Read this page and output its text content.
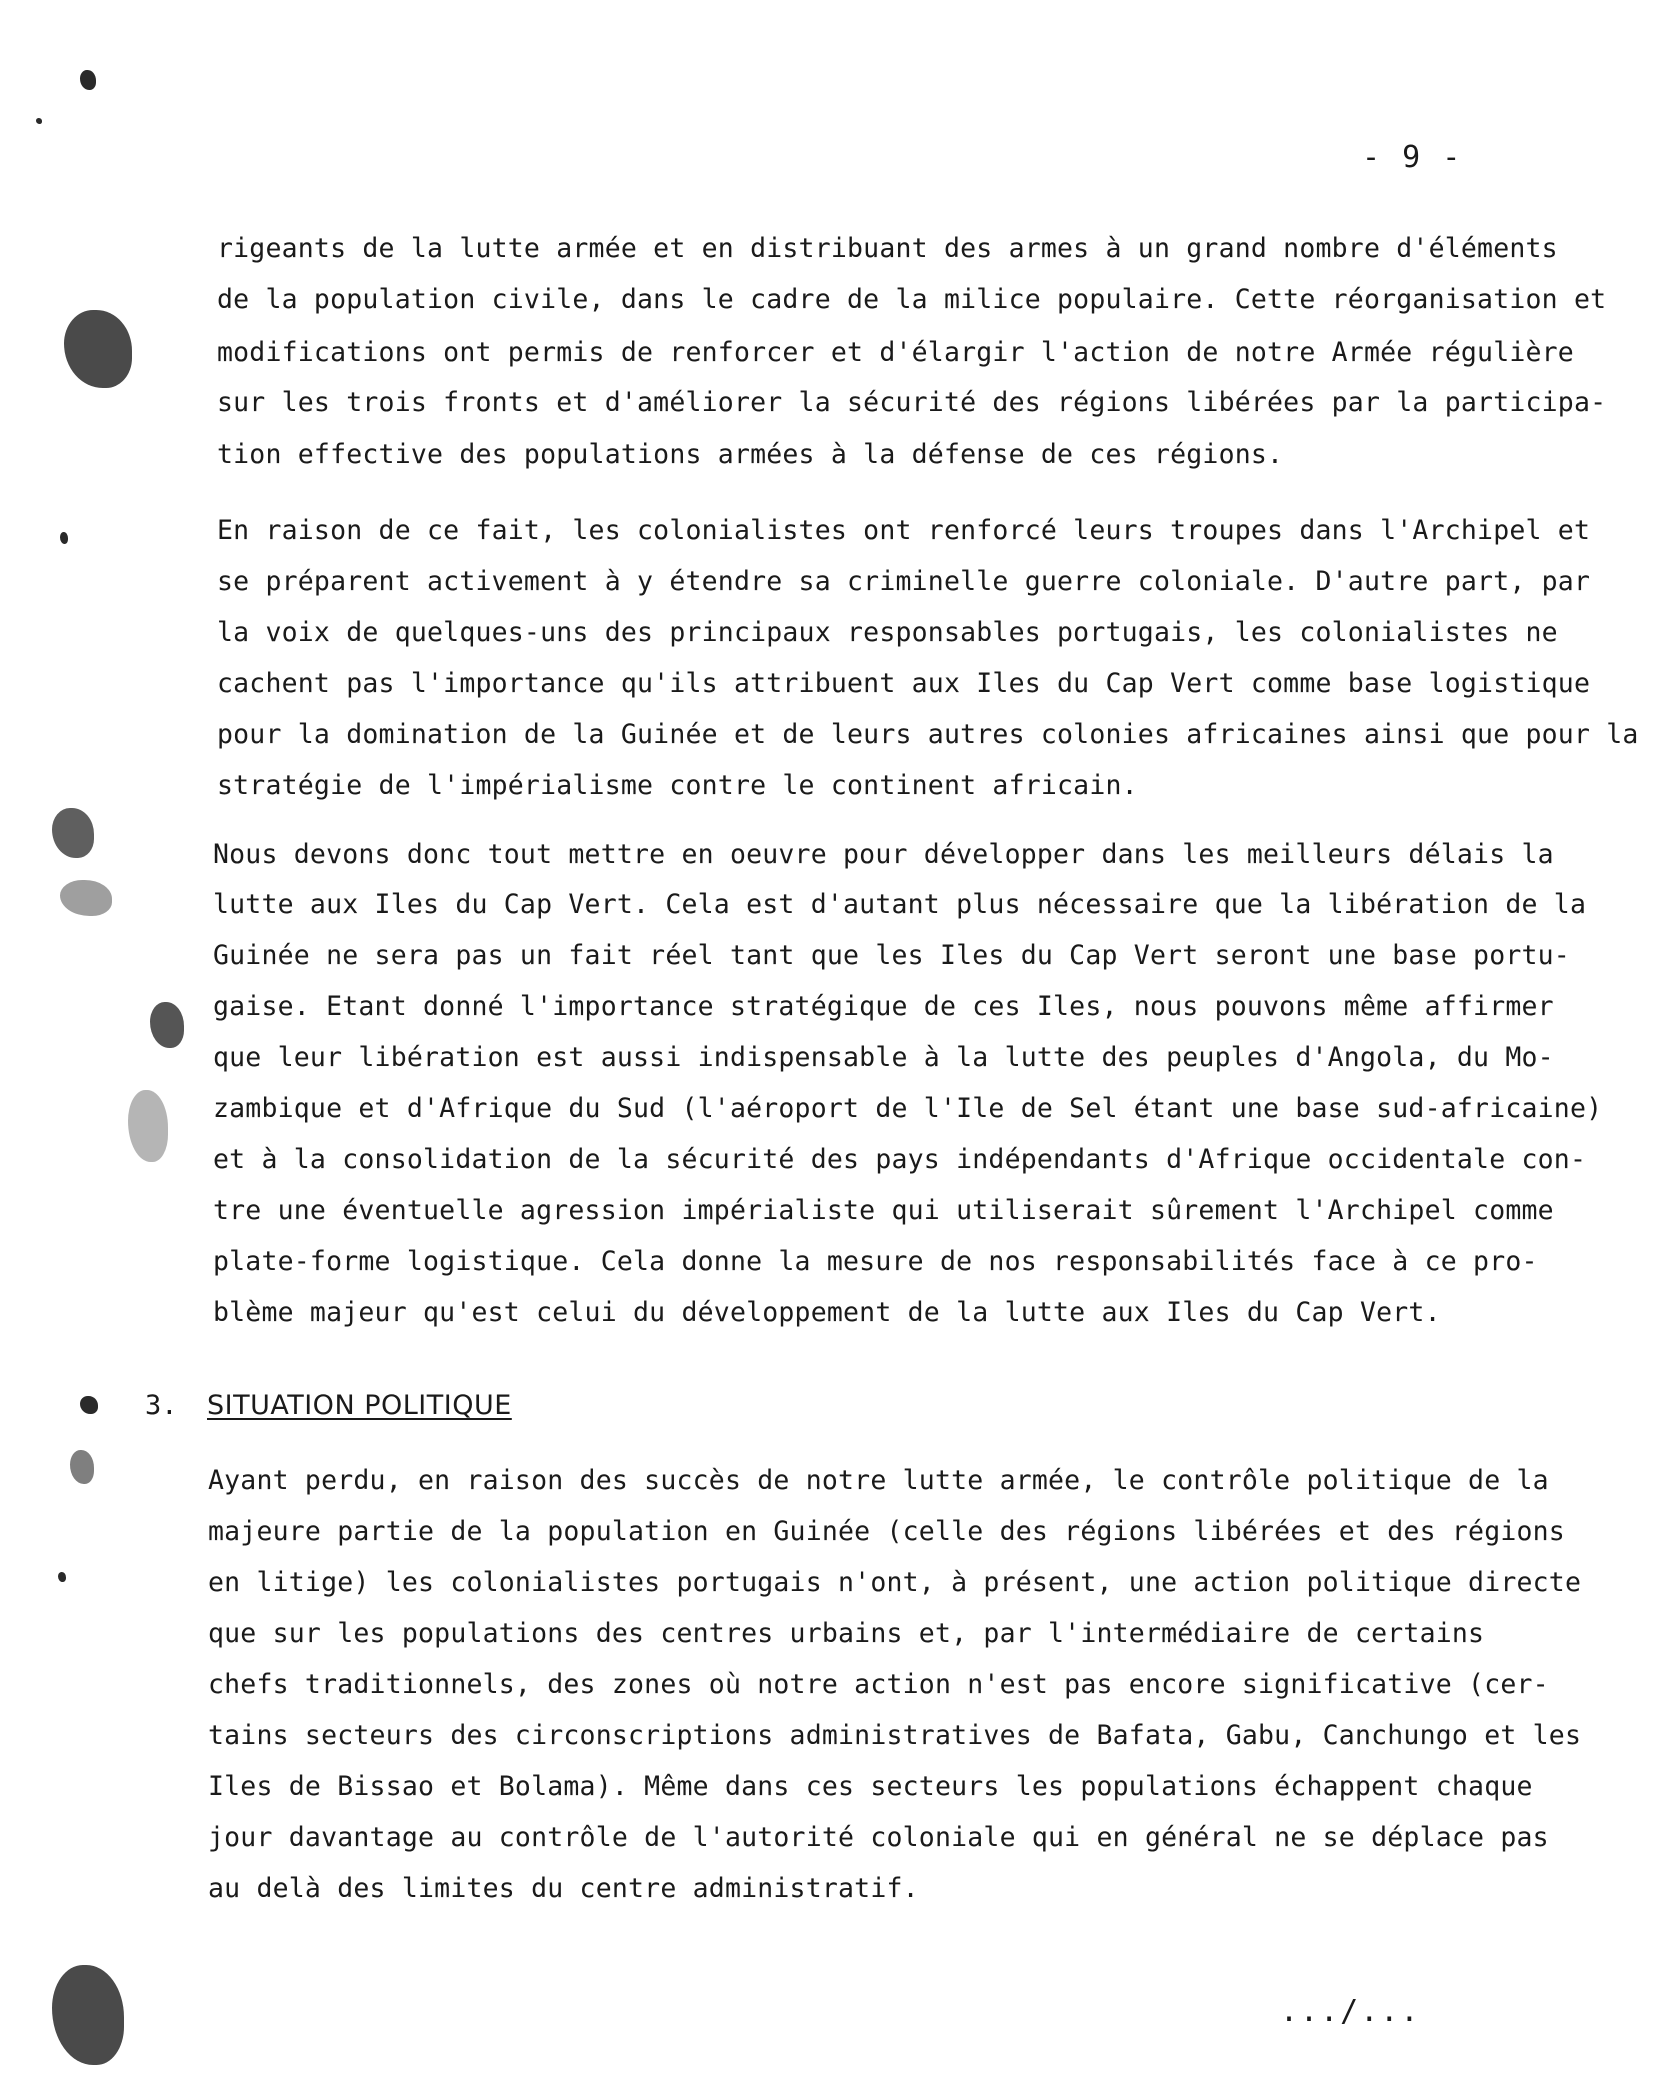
- 9 -
rigeants de la lutte armée et en distribuant des armes à un grand nombre d'éléments
de la population civile, dans le cadre de la milice populaire. Cette réorganisation et
modifications ont permis de renforcer et d'élargir l'action de notre Armée régulière
sur les trois fronts et d'améliorer la sécurité des régions libérées par la participa-
tion effective des populations armées à la défense de ces régions.
En raison de ce fait, les colonialistes ont renforcé leurs troupes dans l'Archipel et
se préparent activement à y étendre sa criminelle guerre coloniale. D'autre part, par
la voix de quelques-uns des principaux responsables portugais, les colonialistes ne
cachent pas l'importance qu'ils attribuent aux Iles du Cap Vert comme base logistique
pour la domination de la Guinée et de leurs autres colonies africaines ainsi que pour la
stratégie de l'impérialisme contre le continent africain.
Nous devons donc tout mettre en oeuvre pour développer dans les meilleurs délais la
lutte aux Iles du Cap Vert. Cela est d'autant plus nécessaire que la libération de la
Guinée ne sera pas un fait réel tant que les Iles du Cap Vert seront une base portu-
gaise. Etant donné l'importance stratégique de ces Iles, nous pouvons même affirmer
que leur libération est aussi indispensable à la lutte des peuples d'Angola, du Mo-
zambique et d'Afrique du Sud (l'aéroport de l'Ile de Sel étant une base sud-africaine)
et à la consolidation de la sécurité des pays indépendants d'Afrique occidentale con-
tre une éventuelle agression impérialiste qui utiliserait sûrement l'Archipel comme
plate-forme logistique. Cela donne la mesure de nos responsabilités face à ce pro-
blème majeur qu'est celui du développement de la lutte aux Iles du Cap Vert.
3. SITUATION POLITIQUE
Ayant perdu, en raison des succès de notre lutte armée, le contrôle politique de la
majeure partie de la population en Guinée (celle des régions libérées et des régions
en litige) les colonialistes portugais n'ont, à présent, une action politique directe
que sur les populations des centres urbains et, par l'intermédiaire de certains
chefs traditionnels, des zones où notre action n'est pas encore significative (cer-
tains secteurs des circonscriptions administratives de Bafata, Gabu, Canchungo et les
Iles de Bissao et Bolama). Même dans ces secteurs les populations échappent chaque
jour davantage au contrôle de l'autorité coloniale qui en général ne se déplace pas
au delà des limites du centre administratif.
.../...
